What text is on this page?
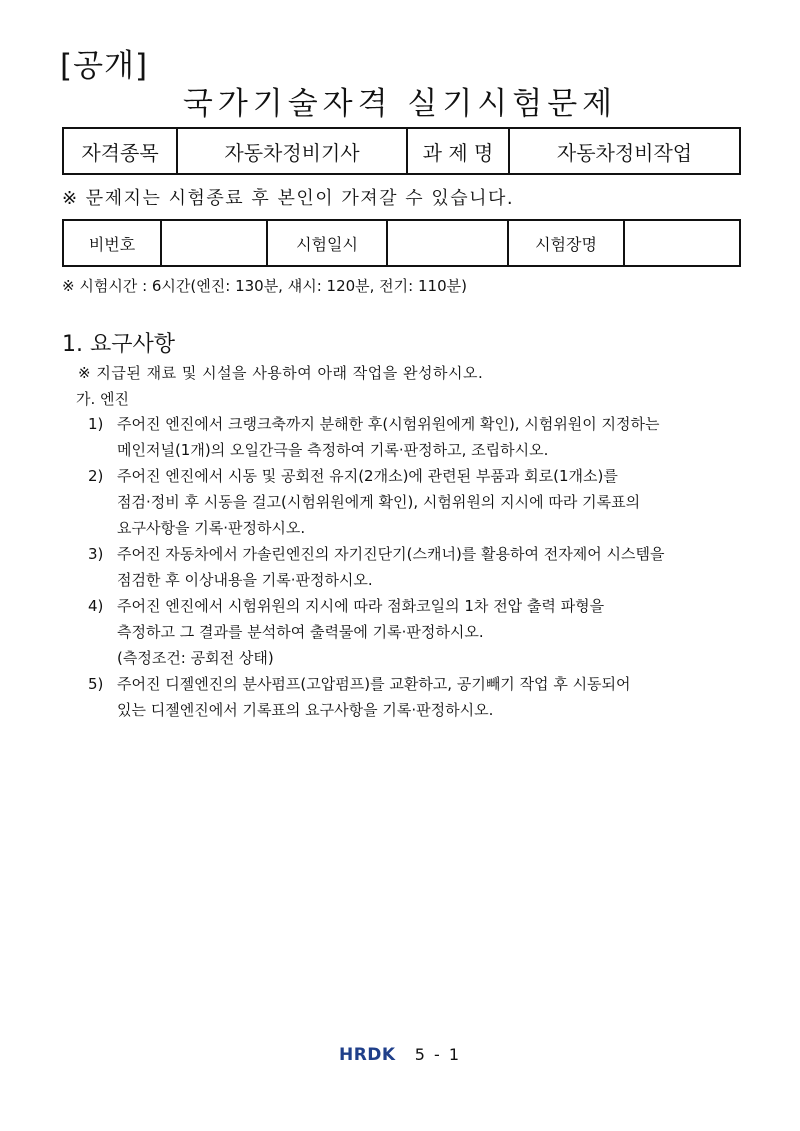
[공개]
국가기술자격 실기시험문제
자격종목	자동차정비기사	과 제 명	자동차정비작업
※ 문제지는 시험종료 후 본인이 가져갈 수 있습니다.
비번호		시험일시		시험장명	
※ 시험시간 : 6시간(엔진: 130분, 섀시: 120분, 전기: 110분)
1. 요구사항
※ 지급된 재료 및 시설을 사용하여 아래 작업을 완성하시오.
가. 엔진
1) 주어진 엔진에서 크랭크축까지 분해한 후(시험위원에게 확인), 시험위원이 지정하는
메인저널(1개)의 오일간극을 측정하여 기록·판정하고, 조립하시오.
2) 주어진 엔진에서 시동 및 공회전 유지(2개소)에 관련된 부품과 회로(1개소)를
점검·정비 후 시동을 걸고(시험위원에게 확인), 시험위원의 지시에 따라 기록표의
요구사항을 기록·판정하시오.
3) 주어진 자동차에서 가솔린엔진의 자기진단기(스캐너)를 활용하여 전자제어 시스템을
점검한 후 이상내용을 기록·판정하시오.
4) 주어진 엔진에서 시험위원의 지시에 따라 점화코일의 1차 전압 출력 파형을
측정하고 그 결과를 분석하여 출력물에 기록·판정하시오.
(측정조건: 공회전 상태)
5) 주어진 디젤엔진의 분사펌프(고압펌프)를 교환하고, 공기빼기 작업 후 시동되어
있는 디젤엔진에서 기록표의 요구사항을 기록·판정하시오.
HRDK 5 - 1
